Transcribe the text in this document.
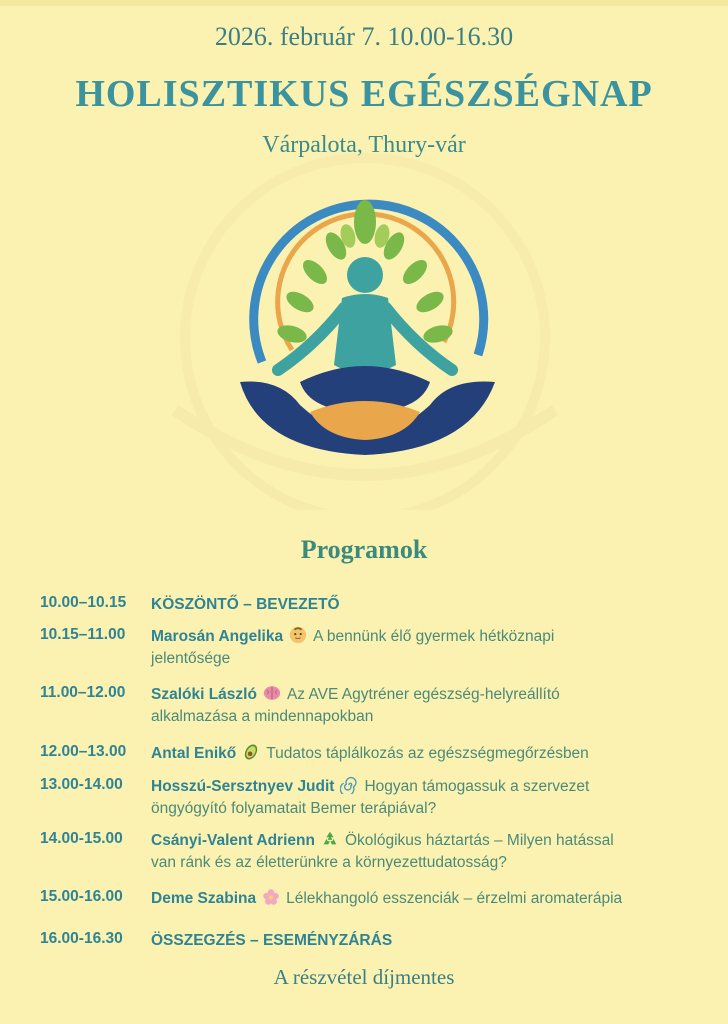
2026. február 7. 10.00-16.30
HOLISZTIKUS EGÉSZSÉGNAP
Várpalota, Thury-vár
Programok
10.00–10.15	KÖSZÖNTŐ – BEVEZETŐ
10.15–11.00	Marosán Angelika A bennünk élő gyermek hétköznapi
jelentősége
11.00–12.00	Szalóki László Az AVE Agytréner egészség-helyreállító
alkalmazása a mindennapokban
12.00–13.00	Antal Enikő Tudatos táplálkozás az egészségmegőrzésben
13.00-14.00	Hosszú-Sersztnyev Judit Hogyan támogassuk a szervezet
öngyógyító folyamatait Bemer terápiával?
14.00-15.00	Csányi-Valent Adrienn Ökológikus háztartás – Milyen hatással
van ránk és az életterünkre a környezettudatosság?
15.00-16.00	Deme Szabina Lélekhangoló esszenciák – érzelmi aromaterápia
16.00-16.30	ÖSSZEGZÉS – ESEMÉNYZÁRÁS
A részvétel díjmentes
